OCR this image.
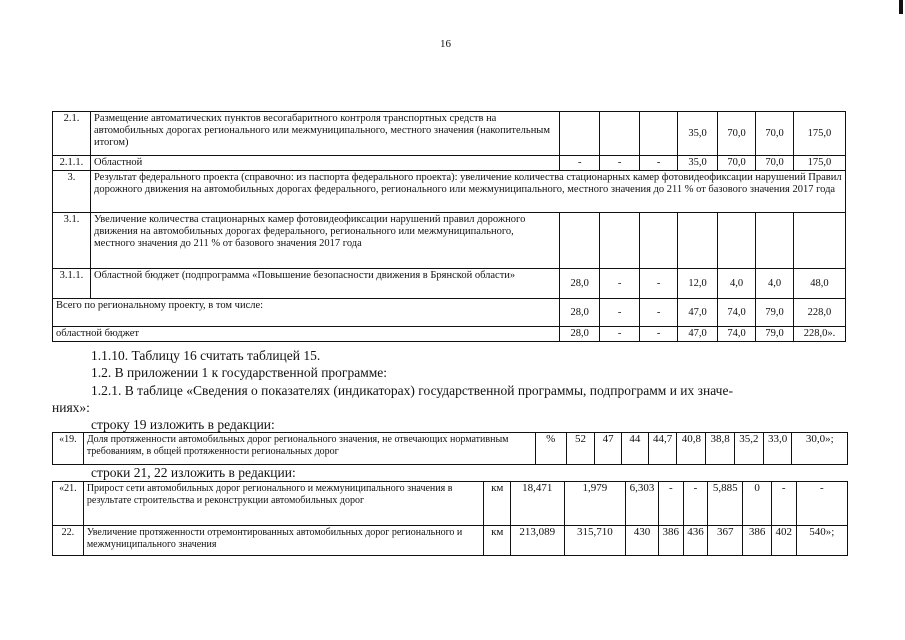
16
2.1.	Размещение автоматических пунктов весогабаритного контроля транспортных средств на автомобильных дорогах регионального или межмуниципального, местного значения (накопительным итогом)				35,0	70,0	70,0	175,0
2.1.1.	Областной	-	-	-	35,0	70,0	70,0	175,0
3.	Результат федерального проекта (справочно: из паспорта федерального проекта): увеличение количества стационарных камер фотовидеофиксации нарушений Правил дорожного движения на автомобильных дорогах федерального, регионального или межмуниципального, местного значения до 211 % от базового значения 2017 года							
3.1.	Увеличение количества стационарных камер фотовидеофиксации нарушений правил дорожного движения на автомобильных дорогах федерального, регионального или межмуниципального, местного значения до 211 % от базового значения 2017 года							
3.1.1.	Областной бюджет (подпрограмма «Повышение безопасности движения в Брянской области»	28,0	-	-	12,0	4,0	4,0	48,0
Всего по региональному проекту, в том числе:		28,0	-	-	47,0	74,0	79,0	228,0
областной бюджет		28,0	-	-	47,0	74,0	79,0	228,0».
1.1.10. Таблицу 16 считать таблицей 15.
1.2. В приложении 1 к государственной программе:
1.2.1. В таблице «Сведения о показателях (индикаторах) государственной программы, подпрограмм и их значе-
ниях»:
строку 19 изложить в редакции:
«19.	Доля протяженности автомобильных дорог регионального значения, не отвечающих нормативным требованиям, в общей протяженности региональных дорог	%	52	47	44	44,7	40,8	38,8	35,2	33,0	30,0»;
строки 21, 22 изложить в редакции:
«21.	Прирост сети автомобильных дорог регионального и межмуниципального значения в результате строительства и реконструкции автомобильных дорог	км	18,471	1,979	6,303	-	-	5,885	0	-	-
22.	Увеличение протяженности отремонтированных автомобильных дорог регионального и межмуниципального значения	км	213,089	315,710	430	386	436	367	386	402	540»;
